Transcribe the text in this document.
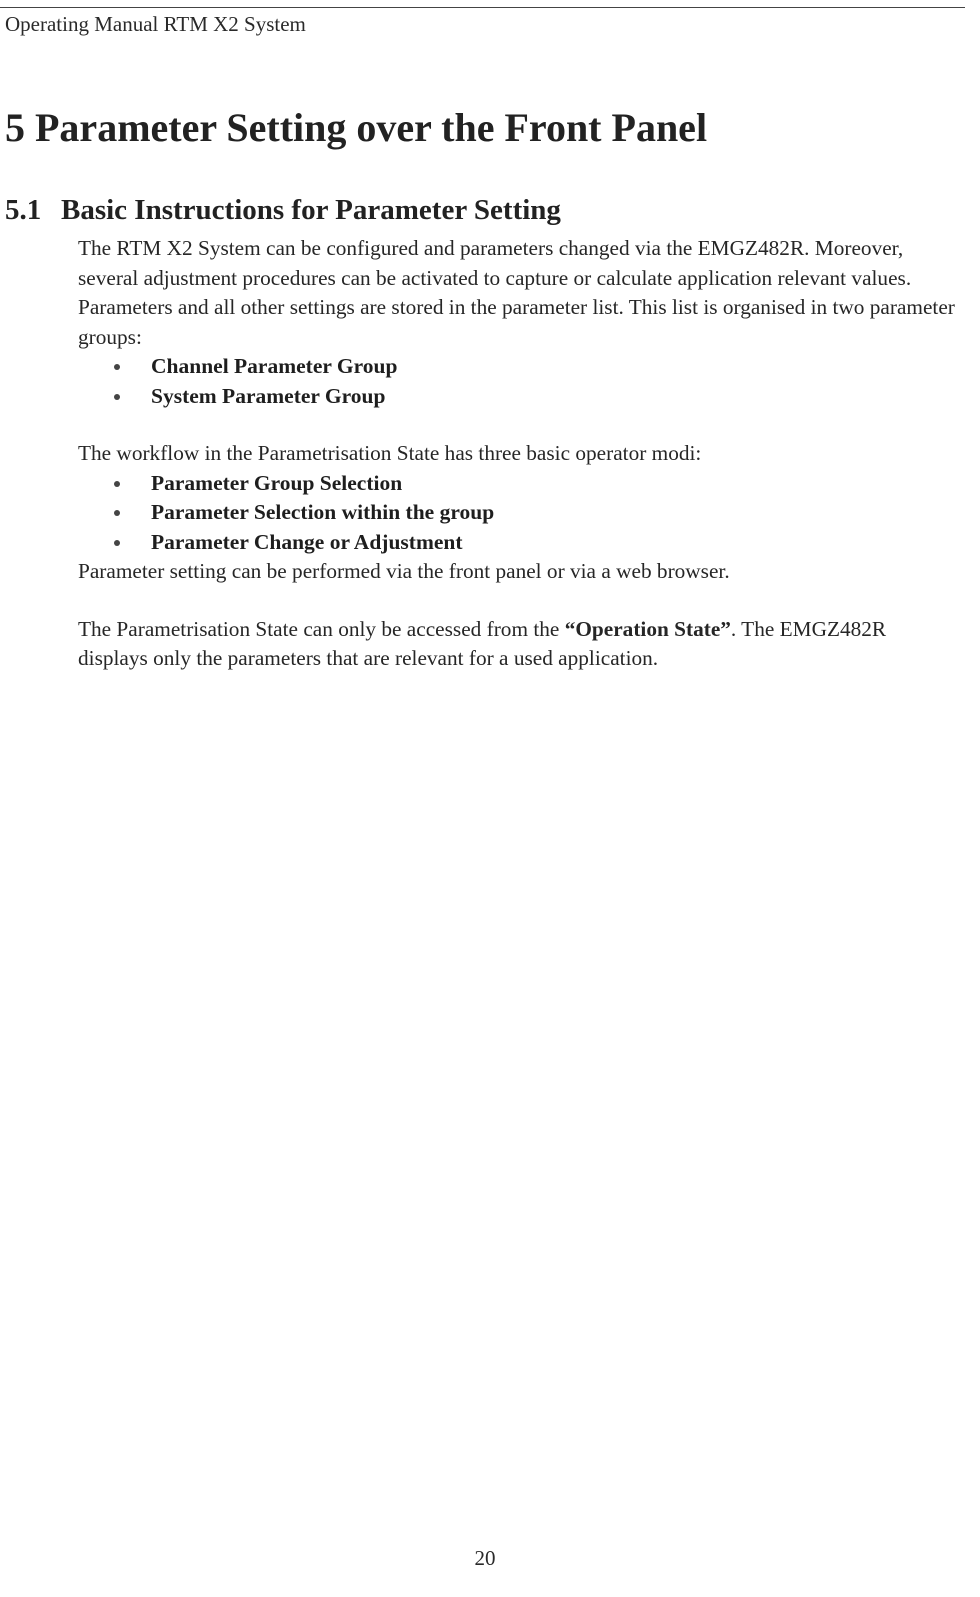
Operating Manual RTM X2 System
5 Parameter Setting over the Front Panel
5.1 Basic Instructions for Parameter Setting

The RTM X2 System can be configured and parameters changed via the EMGZ482R. Moreover, several adjustment procedures can be activated to capture or calculate application relevant values. Parameters and all other settings are stored in the parameter list. This list is organised in two parameter groups:

Channel Parameter Group
System Parameter Group

The workflow in the Parametrisation State has three basic operator modi:

Parameter Group Selection
Parameter Selection within the group
Parameter Change or Adjustment

Parameter setting can be performed via the front panel or via a web browser.

The Parametrisation State can only be accessed from the “Operation State”. The EMGZ482R displays only the parameters that are relevant for a used application.

20
